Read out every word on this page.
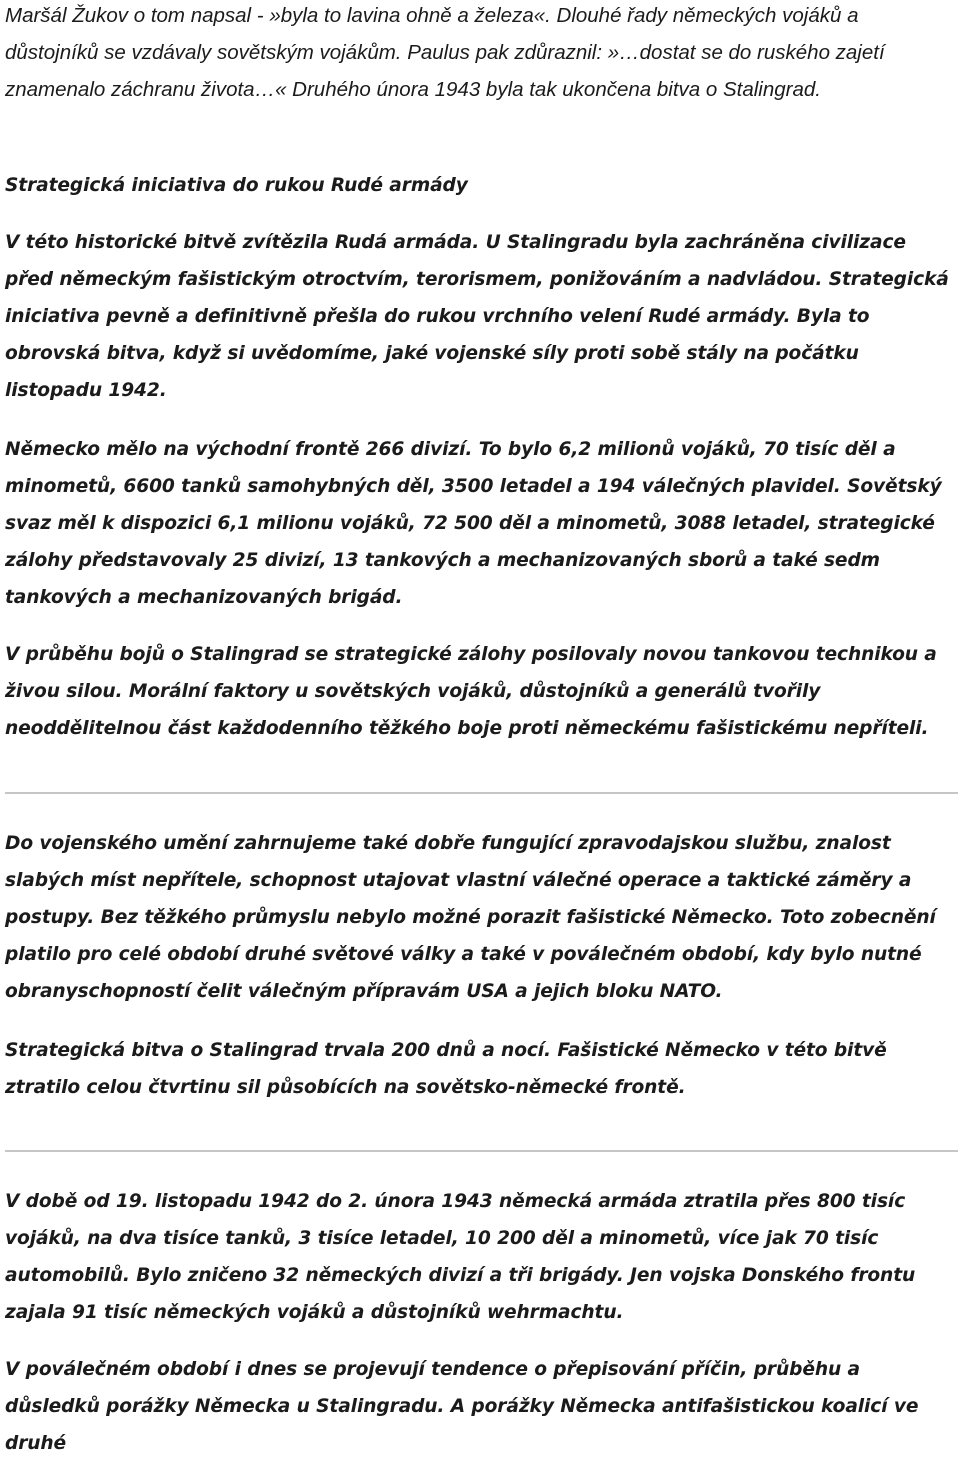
Maršál Žukov o tom napsal - »byla to lavina ohně a železa«. Dlouhé řady německých vojáků a důstojníků se vzdávaly sovětským vojákům. Paulus pak zdůraznil: »…dostat se do ruského zajetí znamenalo záchranu života…« Druhého února 1943 byla tak ukončena bitva o Stalingrad.

Strategická iniciativa do rukou Rudé armády

V této historické bitvě zvítězila Rudá armáda. U Stalingradu byla zachráněna civilizace před německým fašistickým otroctvím, terorismem, ponižováním a nadvládou. Strategická iniciativa pevně a definitivně přešla do rukou vrchního velení Rudé armády. Byla to obrovská bitva, když si uvědomíme, jaké vojenské síly proti sobě stály na počátku listopadu 1942.

Německo mělo na východní frontě 266 divizí. To bylo 6,2 milionů vojáků, 70 tisíc děl a minometů, 6600 tanků samohybných děl, 3500 letadel a 194 válečných plavidel. Sovětský svaz měl k dispozici 6,1 milionu vojáků, 72 500 děl a minometů, 3088 letadel, strategické zálohy představovaly 25 divizí, 13 tankových a mechanizovaných sborů a také sedm tankových a mechanizovaných brigád.

V průběhu bojů o Stalingrad se strategické zálohy posilovaly novou tankovou technikou a živou silou. Morální faktory u sovětských vojáků, důstojníků a generálů tvořily neoddělitelnou část každodenního těžkého boje proti německému fašistickému nepříteli.

Do vojenského umění zahrnujeme také dobře fungující zpravodajskou službu, znalost slabých míst nepřítele, schopnost utajovat vlastní válečné operace a taktické záměry a postupy. Bez těžkého průmyslu nebylo možné porazit fašistické Německo. Toto zobecnění platilo pro celé období druhé světové války a také v poválečném období, kdy bylo nutné obranyschopností čelit válečným přípravám USA a jejich bloku NATO.

Strategická bitva o Stalingrad trvala 200 dnů a nocí. Fašistické Německo v této bitvě ztratilo celou čtvrtinu sil působících na sovětsko-německé frontě.

V době od 19. listopadu 1942 do 2. února 1943 německá armáda ztratila přes 800 tisíc vojáků, na dva tisíce tanků, 3 tisíce letadel, 10 200 děl a minometů, více jak 70 tisíc automobilů. Bylo zničeno 32 německých divizí a tři brigády. Jen vojska Donského frontu zajala 91 tisíc německých vojáků a důstojníků wehrmachtu.

V poválečném období i dnes se projevují tendence o přepisování příčin, průběhu a důsledků porážky Německa u Stalingradu. A porážky Německa antifašistickou koalicí ve druhé
